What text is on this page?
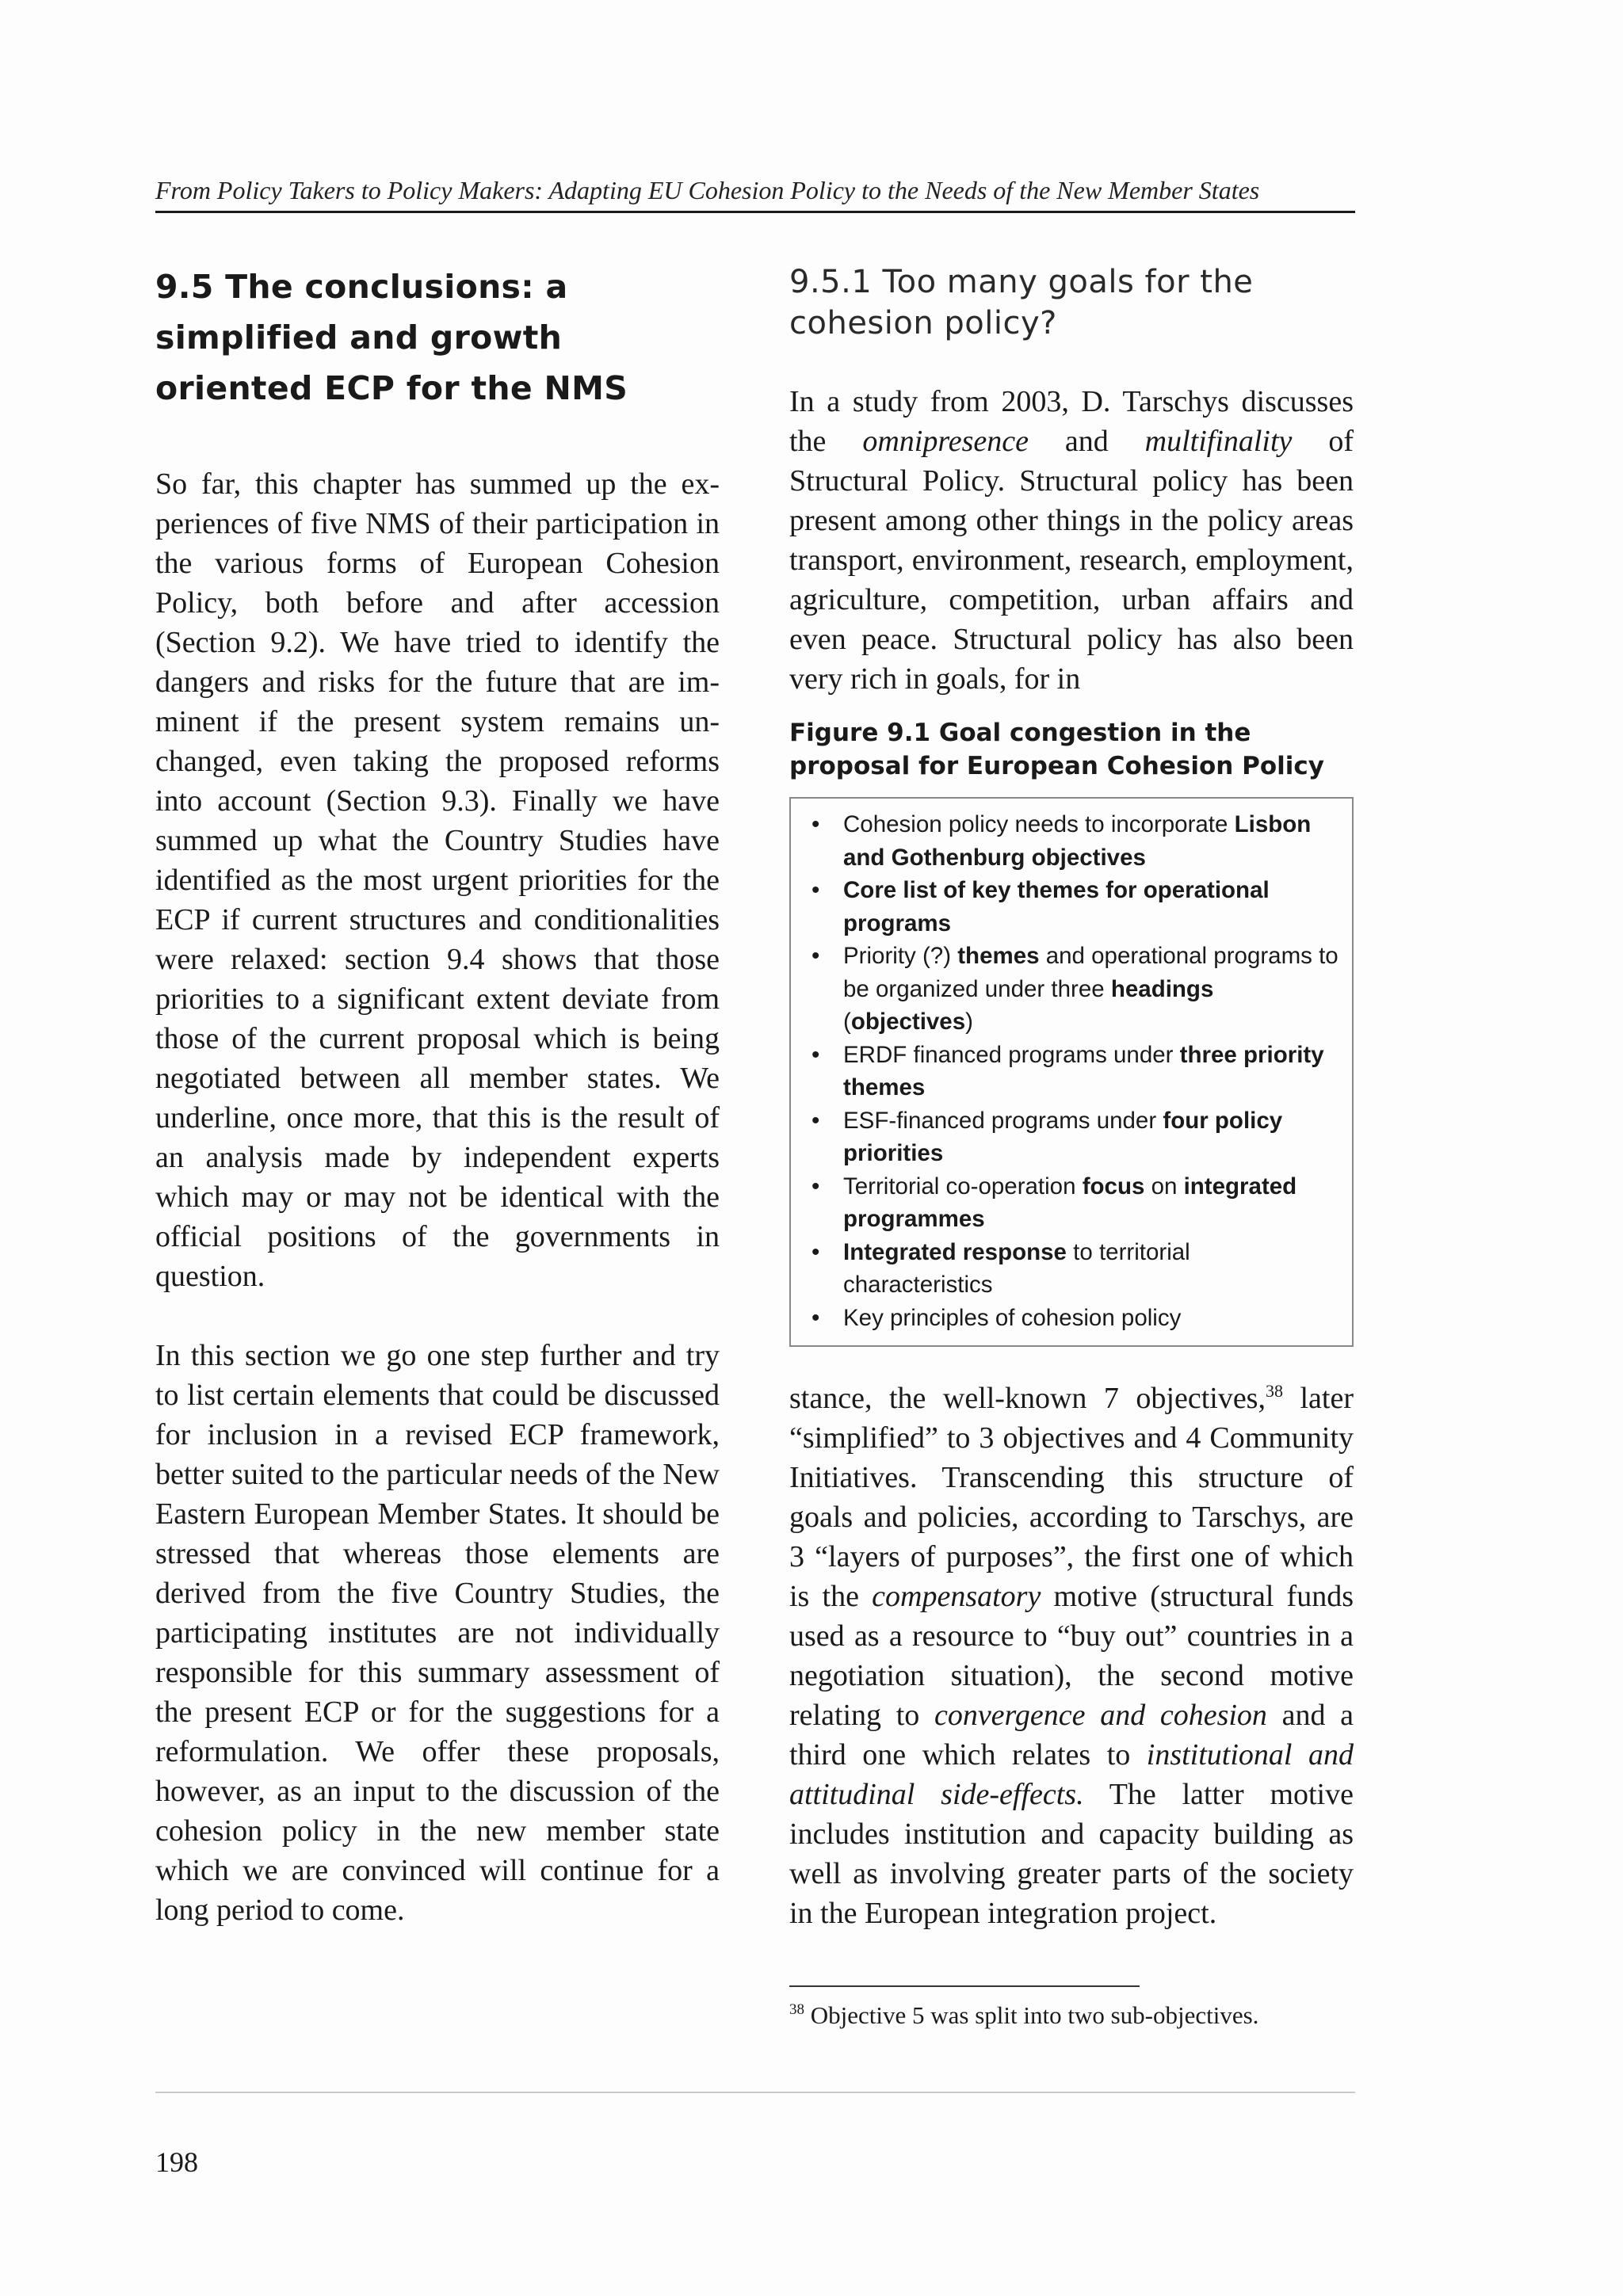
From Policy Takers to Policy Makers: Adapting EU Cohesion Policy to the Needs of the New Member States
9.5 The conclusions: a simplified and growth oriented ECP for the NMS

So far, this chapter has summed up the experiences of five NMS of their participation in the various forms of European Cohesion Policy, both before and after accession (Section 9.2). We have tried to identify the dangers and risks for the future that are imminent if the present system remains unchanged, even taking the proposed reforms into account (Section 9.3). Finally we have summed up what the Country Studies have identified as the most urgent priorities for the ECP if current structures and conditionalities were relaxed: section 9.4 shows that those priorities to a significant extent deviate from those of the current proposal which is being negotiated between all member states. We underline, once more, that this is the result of an analysis made by independent experts which may or may not be identical with the official positions of the governments in question.

In this section we go one step further and try to list certain elements that could be discussed for inclusion in a revised ECP framework, better suited to the particular needs of the New Eastern European Member States. It should be stressed that whereas those elements are derived from the five Country Studies, the participating institutes are not individually responsible for this summary assessment of the present ECP or for the suggestions for a reformulation. We offer these proposals, however, as an input to the discussion of the cohesion policy in the new member state which we are convinced will continue for a long period to come.

9.5.1 Too many goals for the cohesion policy?

In a study from 2003, D. Tarschys discusses the omnipresence and multifinality of Structural Policy. Structural policy has been present among other things in the policy areas transport, environment, research, employment, agriculture, competition, urban affairs and even peace. Structural policy has also been very rich in goals, for in

Figure 9.1 Goal congestion in the proposal for European Cohesion Policy

• Cohesion policy needs to incorporate Lisbon and Gothenburg objectives
• Core list of key themes for operational programs
• Priority (?) themes and operational programs to be organized under three headings (objectives)
• ERDF financed programs under three priority themes
• ESF-financed programs under four policy priorities
• Territorial co-operation focus on integrated programmes
• Integrated response to territorial characteristics
• Key principles of cohesion policy

stance, the well-known 7 objectives,$^{38}$ later “simplified” to 3 objectives and 4 Community Initiatives. Transcending this structure of goals and policies, according to Tarschys, are 3 “layers of purposes”, the first one of which is the compensatory motive (structural funds used as a resource to “buy out” countries in a negotiation situation), the second motive relating to convergence and cohesion and a third one which relates to institutional and attitudinal side-effects. The latter motive includes institution and capacity building as well as involving greater parts of the society in the European integration project.

$^{38}$ Objective 5 was split into two sub-objectives.
198
